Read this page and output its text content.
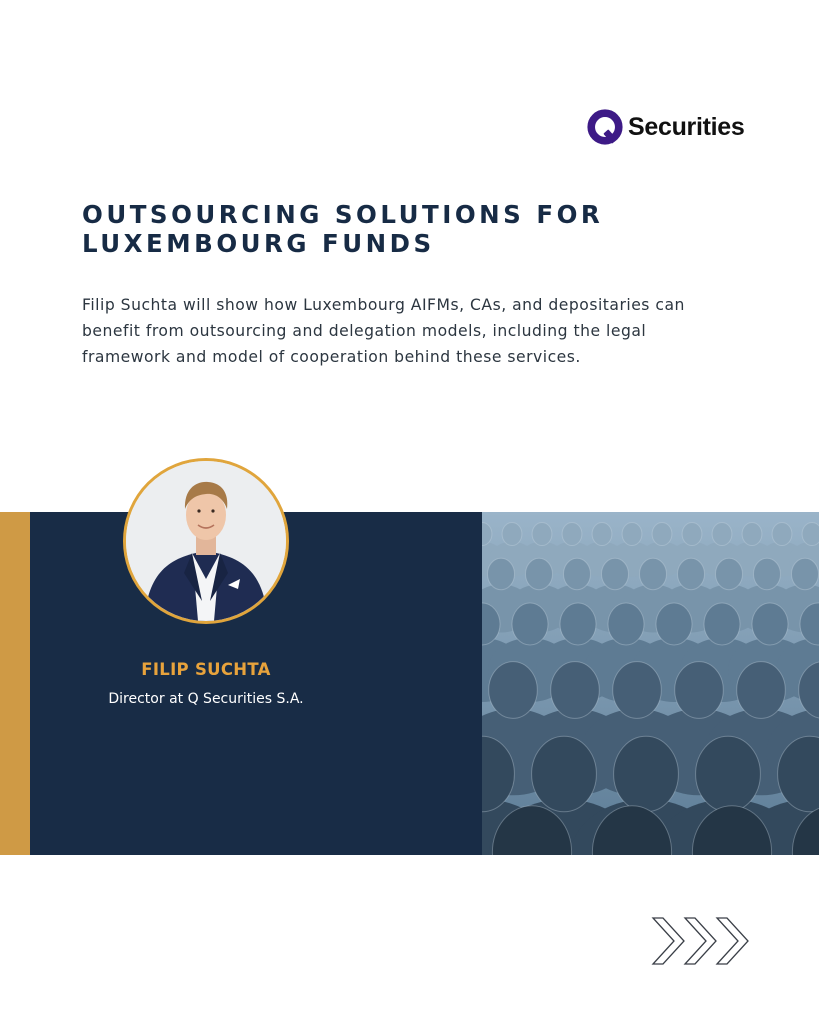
Securities
OUTSOURCING SOLUTIONS FOR
LUXEMBOURG FUNDS

Filip Suchta will show how Luxembourg AIFMs, CAs, and depositaries can benefit from outsourcing and delegation models, including the legal framework and model of cooperation behind these services.

FILIP SUCHTA
Director at Q Securities S.A.
